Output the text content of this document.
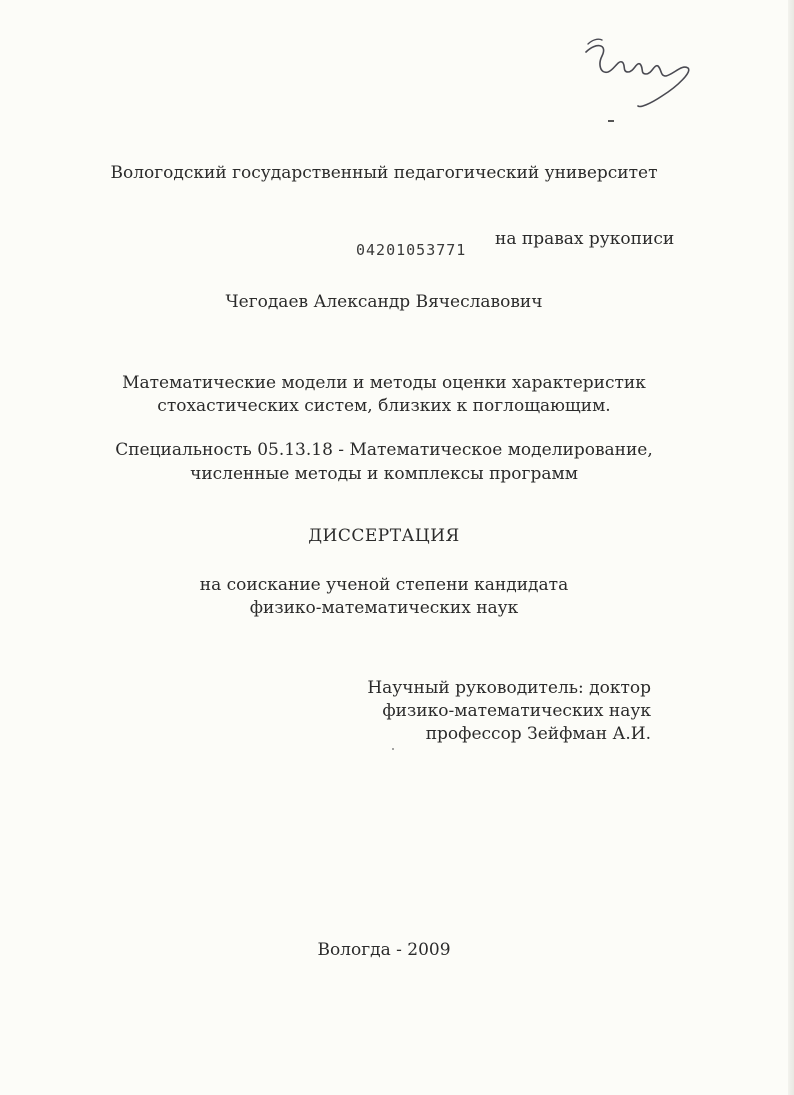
Вологодский государственный педагогический университет
04201053771
на правах рукописи
Чегодаев Александр Вячеславович
Математические модели и методы оценки характеристик
стохастических систем, близких к поглощающим.
Специальность 05.13.18 - Математическое моделирование,
численные методы и комплексы программ
ДИССЕРТАЦИЯ
на соискание ученой степени кандидата
физико-математических наук
Научный руководитель: доктор
физико-математических наук
профессор Зейфман А.И.
Вологда - 2009
